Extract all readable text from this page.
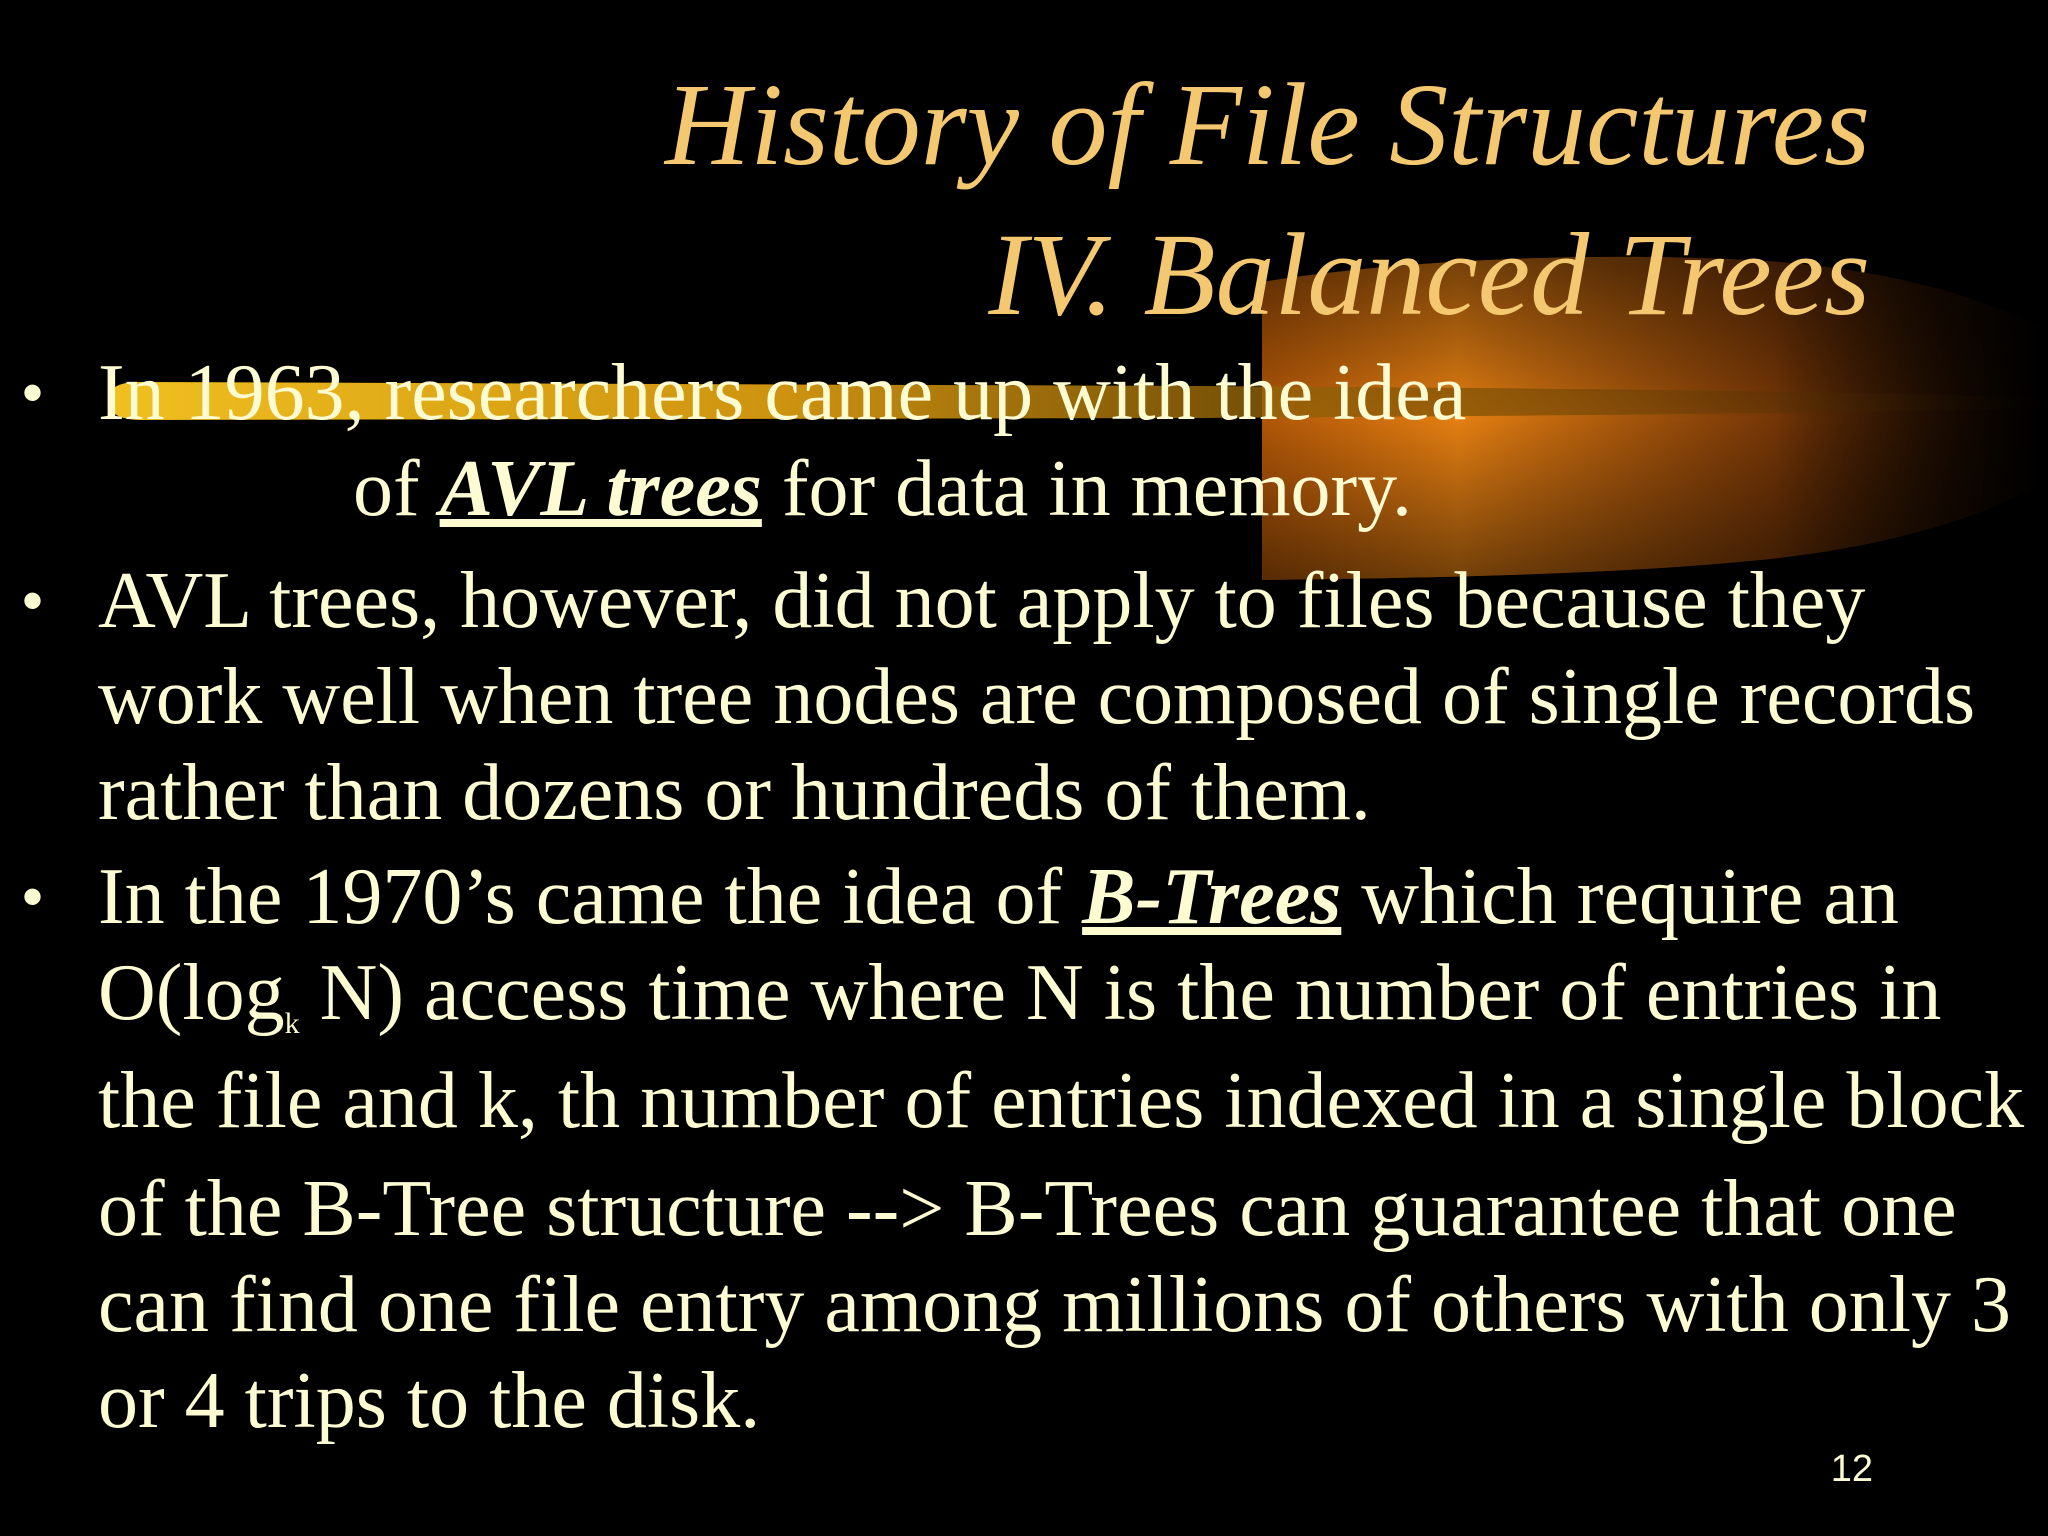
History of File Structures
IV. Balanced Trees
• In 1963, researchers came up with the idea
of AVL trees for data in memory.
• AVL trees, however, did not apply to files because they
work well when tree nodes are composed of single records
rather than dozens or hundreds of them.
• In the 1970’s came the idea of B-Trees which require an
$O(\log_k$ N) access time where N is the number of entries in
the file and k, th number of entries indexed in a single block
of the B-Tree structure --> B-Trees can guarantee that one
can find one file entry among millions of others with only 3
or 4 trips to the disk.
12
